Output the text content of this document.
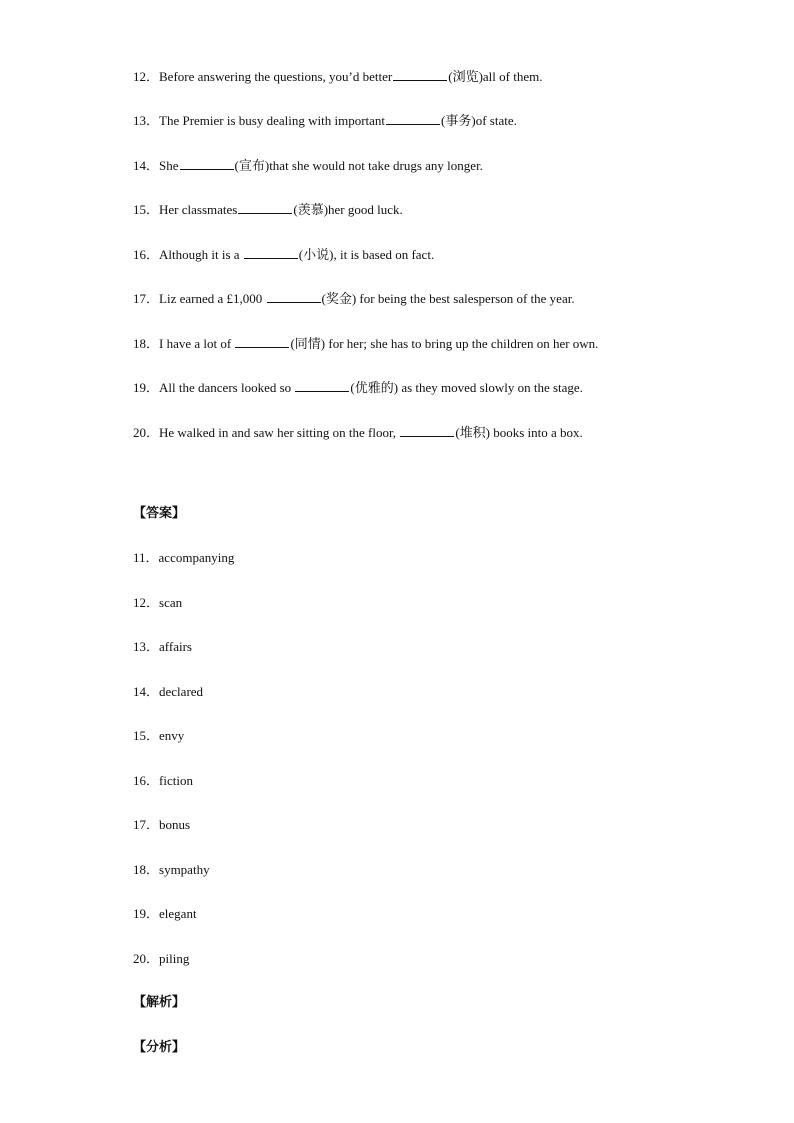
12．Before answering the questions, you’d better	(浏览)all of them.
13．The Premier is busy dealing with important	(事务)of state.
14．She	(宣布)that she would not take drugs any longer.
15．Her classmates	(羡慕)her good luck.
16．Although it is a	(小说), it is based on fact.
17．Liz earned a £1,000	(奖金) for being the best salesperson of the year.
18．I have a lot of	(同情) for her; she has to bring up the children on her own.
19．All the dancers looked so	(优雅的) as they moved slowly on the stage.
20．He walked in and saw her sitting on the floor,	(堆积) books into a box.
【答案】
11．accompanying
12．scan
13．affairs
14．declared
15．envy
16．fiction
17．bonus
18．sympathy
19．elegant
20．piling
【解析】
【分析】
